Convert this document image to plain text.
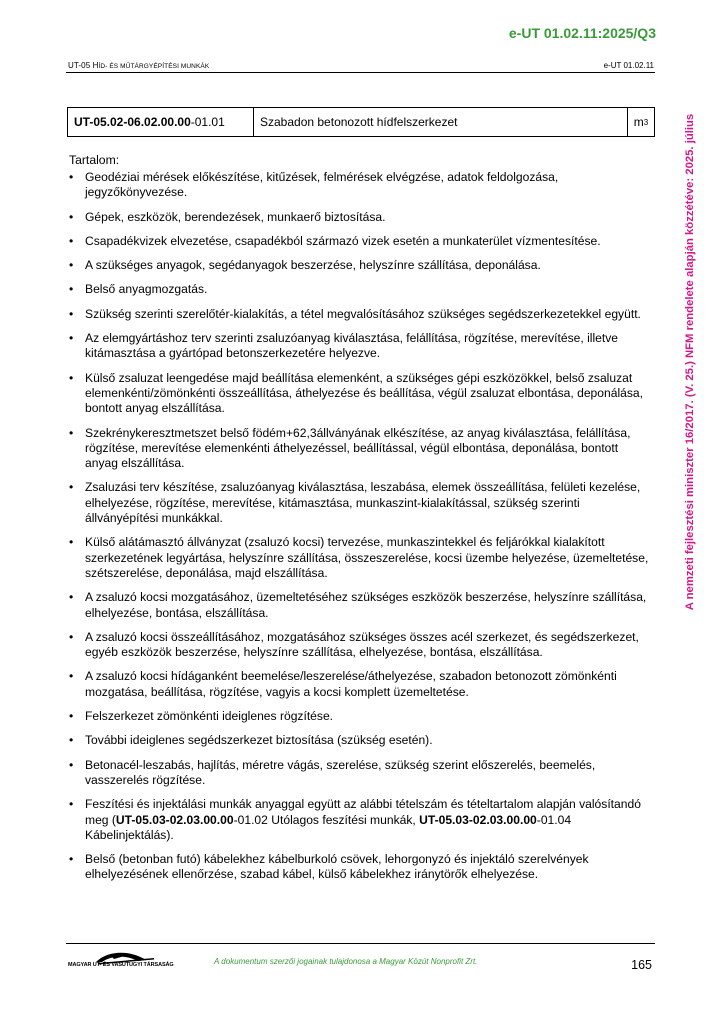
e-UT 01.02.11:2025/Q3
UT-05 HÍD- ÉS MŰTÁRGYÉPÍTÉSI MUNKÁK	e-UT 01.02.11
UT-05.02-06.02.00.00 -01.01	Szabadon betonozott hídfelszerkezet	m 3
Tartalom:
• Geodéziai mérések előkészítése, kitűzések, felmérések elvégzése, adatok feldolgozása, jegyzőkönyvezése.
• Gépek, eszközök, berendezések, munkaerő biztosítása.
• Csapadékvizek elvezetése, csapadékból származó vizek esetén a munkaterület vízmentesítése.
• A szükséges anyagok, segédanyagok beszerzése, helyszínre szállítása, deponálása.
• Belső anyagmozgatás.
• Szükség szerinti szerelőtér-kialakítás, a tétel megvalósításához szükséges segédszerkezetekkel együtt.
• Az elemgyártáshoz terv szerinti zsaluzóanyag kiválasztása, felállítása, rögzítése, merevítése, illetve kitámasztása a gyártópad betonszerkezetére helyezve.
• Külső zsaluzat leengedése majd beállítása elemenként, a szükséges gépi eszközökkel, belső zsaluzat elemenkénti/zömönkénti összeállítása, áthelyezése és beállítása, végül zsaluzat elbontása, deponálása, bontott anyag elszállítása.
• Szekrénykeresztmetszet belső födém+62,3állványának elkészítése, az anyag kiválasztása, felállítása, rögzítése, merevítése elemenkénti áthelyezéssel, beállítással, végül elbontása, deponálása, bontott anyag elszállítása.
• Zsaluzási terv készítése, zsaluzóanyag kiválasztása, leszabása, elemek összeállítása, felületi kezelése, elhelyezése, rögzítése, merevítése, kitámasztása, munkaszint-kialakítással, szükség szerinti állványépítési munkákkal.
• Külső alátámasztó állványzat (zsaluzó kocsi) tervezése, munkaszintekkel és feljárókkal kialakított szerkezetének legyártása, helyszínre szállítása, összeszerelése, kocsi üzembe helyezése, üzemeltetése, szétszerelése, deponálása, majd elszállítása.
• A zsaluzó kocsi mozgatásához, üzemeltetéséhez szükséges eszközök beszerzése, helyszínre szállítása, elhelyezése, bontása, elszállítása.
• A zsaluzó kocsi összeállításához, mozgatásához szükséges összes acél szerkezet, és segédszerkezet, egyéb eszközök beszerzése, helyszínre szállítása, elhelyezése, bontása, elszállítása.
• A zsaluzó kocsi hídáganként beemelése/leszerelése/áthelyezése, szabadon betonozott zömönkénti mozgatása, beállítása, rögzítése, vagyis a kocsi komplett üzemeltetése.
• Felszerkezet zömönkénti ideiglenes rögzítése.
• További ideiglenes segédszerkezet biztosítása (szükség esetén).
• Betonacél-leszabás, hajlítás, méretre vágás, szerelése, szükség szerint előszerelés, beemelés, vasszerelés rögzítése.
• Feszítési és injektálási munkák anyaggal együtt az alábbi tételszám és tételtartalom alapján valósítandó meg (UT-05.03-02.03.00.00-01.02 Utólagos feszítési munkák, UT-05.03-02.03.00.00-01.04 Kábelinjektálás).
• Belső (betonban futó) kábelekhez kábelburkoló csövek, lehorgonyzó és injektáló szerelvények elhelyezésének ellenőrzése, szabad kábel, külső kábelekhez iránytörők elhelyezése.
A nemzeti fejlesztési miniszter 16/2017. (V. 25.) NFM rendelete alapján közzétéve: 2025. július
MAGYAR UT- ÉS VASUTÜGYI TÁRSASÁG	A dokumentum szerzői jogainak tulajdonosa a Magyar Közút Nonprofit Zrt.	165
